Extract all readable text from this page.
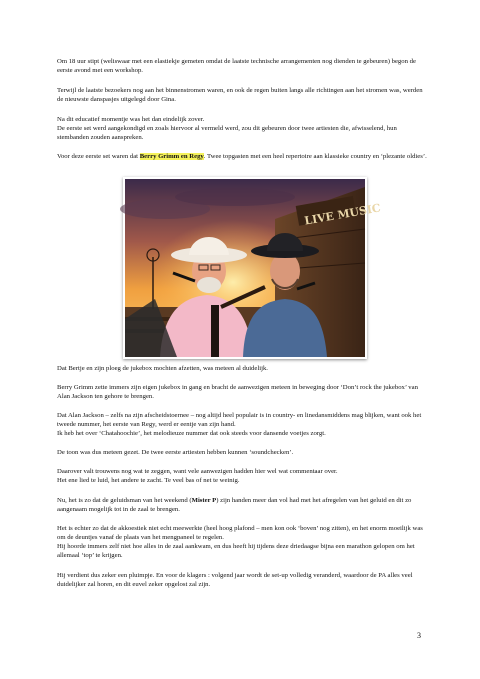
Om 18 uur stipt (weliswaar met een elastiekje gemeten omdat de laatste technische arrangementen nog dienden te gebeuren) begon de eerste avond met een workshop.

Terwijl de laatste bezoekers nog aan het binnenstromen waren, en ook de regen buiten langs alle richtingen aan het stromen was, werden de nieuwste danspasjes uitgelegd door Gina.

Na dit educatief momentje was het dan eindelijk zover.

De eerste set werd aangekondigd en zoals hiervoor al vermeld werd, zou dit gebeuren door twee artiesten die, afwisselend, hun stembanden zouden aanspreken.

Voor deze eerste set waren dat Berry Grimm en Regy. Twee topgasten met een heel repertoire aan klassieke country en ‘plezante oldies’.

LIVE MUSIC

Dat Bertje en zijn ploeg de jukebox mochten afzetten, was meteen al duidelijk.

Berry Grimm zette immers zijn eigen jukebox in gang en bracht de aanwezigen meteen in beweging door ‘Don’t rock the jukebox’ van Alan Jackson ten gehore te brengen.

Dat Alan Jackson – zelfs na zijn afscheidstoernee – nog altijd heel populair is in country- en linedansmiddens mag blijken, want ook het tweede nummer, het eerste van Regy, werd er eentje van zijn hand.

Ik heb het over ‘Chatahoochie’, het melodieuze nummer dat ook steeds voor dansende voetjes zorgt.

De toon was dus meteen gezet. De twee eerste artiesten hebben kunnen ‘soundchecken’.

Daarover valt trouwens nog wat te zeggen, want vele aanwezigen hadden hier wel wat commentaar over.

Het ene lied te luid, het andere te zacht. Te veel bas of net te weinig.

Nu, het is zo dat de geluidsman van het weekend (Mister P) zijn handen meer dan vol had met het afregelen van het geluid en dit zo aangenaam mogelijk tot in de zaal te brengen.

Het is echter zo dat de akkoestiek niet echt meewerkte (heel hoog plafond – men kon ook ‘boven’ nog zitten), en het enorm moeilijk was om de deuntjes vanaf de plaats van het mengpaneel te regelen.

Hij hoorde immers zelf niet hoe alles in de zaal aankwam, en dus heeft hij tijdens deze driedaagse bijna een marathon gelopen om het allemaal ‘top’ te krijgen.

Hij verdient dus zeker een pluimpje. En voor de klagers : volgend jaar wordt de set-up volledig veranderd, waardoor de PA alles veel duidelijker zal horen, en dit euvel zeker opgelost zal zijn.

3
